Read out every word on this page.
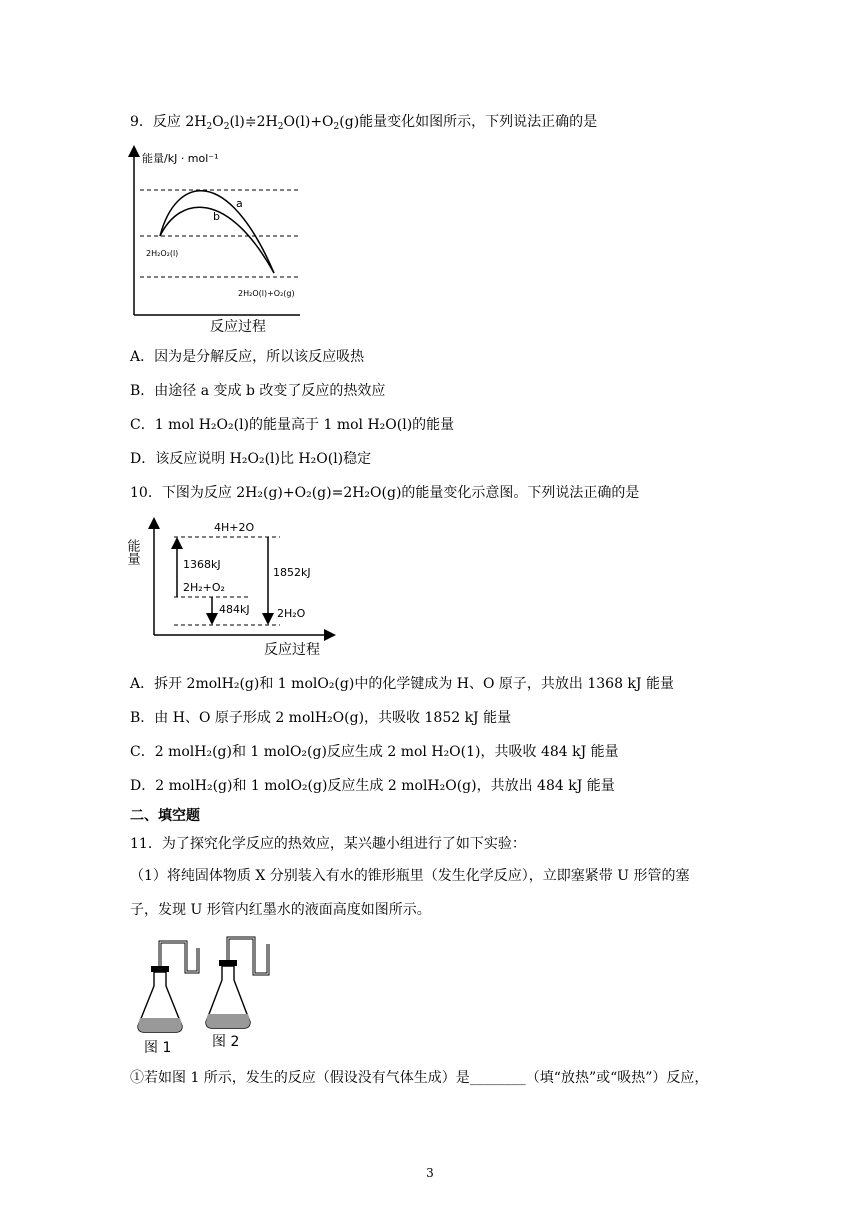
9．反应 $2H_2O_2(l)≑2H_2O(l)+O_2(g)$能量变化如图所示，下列说法正确的是
能量/kJ · mol⁻¹
a
b
2H₂O₂(l)
2H₂O(l)+O₂(g)
反应过程
A．因为是分解反应，所以该反应吸热
B．由途径 a 变成 b 改变了反应的热效应
C．1 mol H₂O₂(l)的能量高于 1 mol H₂O(l)的能量
D．该反应说明 H₂O₂(l)比 H₂O(l)稳定
10．下图为反应 2H₂(g)+O₂(g)=2H₂O(g)的能量变化示意图。下列说法正确的是
能量
4H+2O
1368kJ
2H₂+O₂
1852kJ
484kJ 2H₂O
反应过程
A．拆开 2molH₂(g)和 1 molO₂(g)中的化学键成为 H、O 原子，共放出 1368 kJ 能量
B．由 H、O 原子形成 2 molH₂O(g)，共吸收 1852 kJ 能量
C．2 molH₂(g)和 1 molO₂(g)反应生成 2 mol H₂O(1)，共吸收 484 kJ 能量
D．2 molH₂(g)和 1 molO₂(g)反应生成 2 molH₂O(g)，共放出 484 kJ 能量
二、填空题
11．为了探究化学反应的热效应，某兴趣小组进行了如下实验：
（1）将纯固体物质 X 分别装入有水的锥形瓶里（发生化学反应），立即塞紧带 U 形管的塞
子，发现 U 形管内红墨水的液面高度如图所示。
图 1	图 2
①若如图 1 所示，发生的反应（假设没有气体生成）是________（填“放热”或“吸热”）反应，
3
